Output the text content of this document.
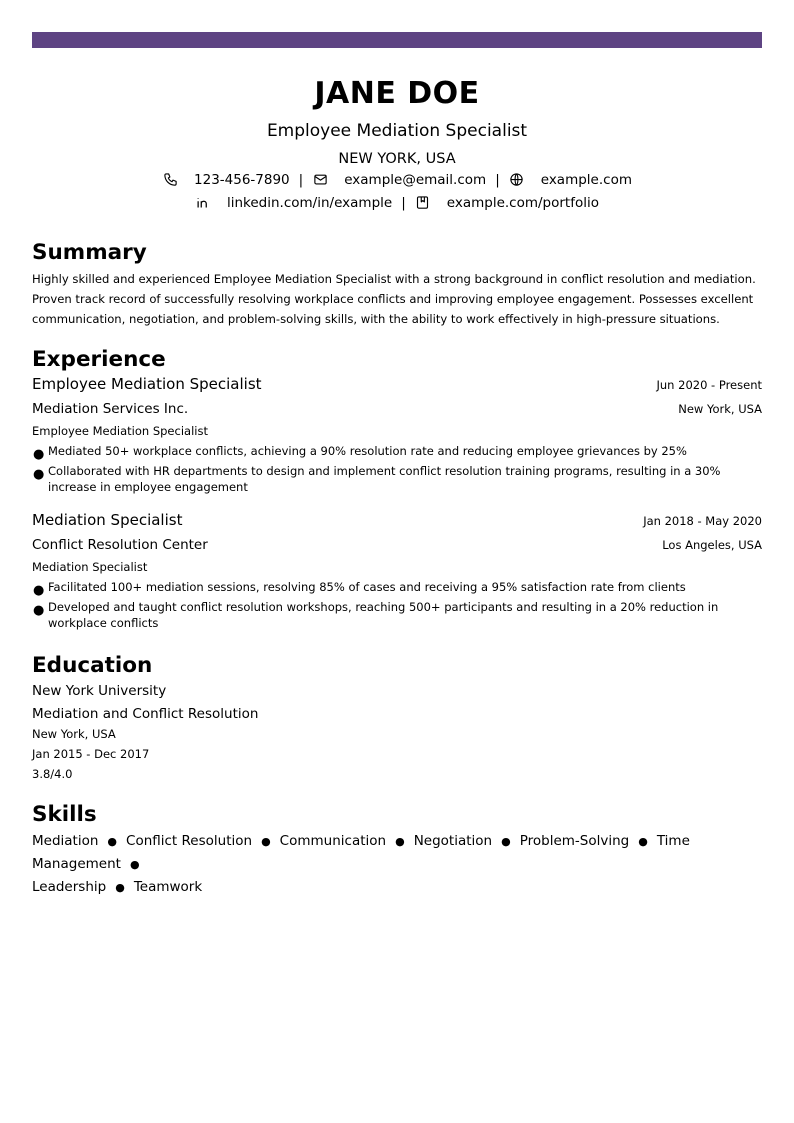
JANE DOE
Employee Mediation Specialist
NEW YORK, USA
123-456-7890 |	example@email.com |	example.com
linkedin.com/in/example |	example.com/portfolio
Summary

Highly skilled and experienced Employee Mediation Specialist with a strong background in conflict resolution and mediation. Proven track record of successfully resolving workplace conflicts and improving employee engagement. Possesses excellent communication, negotiation, and problem-solving skills, with the ability to work effectively in high-pressure situations.

Experience
Employee Mediation Specialist	Jun 2020 - Present
Mediation Services Inc.	New York, USA
Employee Mediation Specialist
● Mediated 50+ workplace conflicts, achieving a 90% resolution rate and reducing employee grievances by 25%
● Collaborated with HR departments to design and implement conflict resolution training programs, resulting in a 30% increase in employee engagement
Mediation Specialist	Jan 2018 - May 2020
Conflict Resolution Center	Los Angeles, USA
Mediation Specialist
● Facilitated 100+ mediation sessions, resolving 85% of cases and receiving a 95% satisfaction rate from clients
● Developed and taught conflict resolution workshops, reaching 500+ participants and resulting in a 20% reduction in workplace conflicts
Education
New York University
Mediation and Conflict Resolution
New York, USA
Jan 2015 - Dec 2017
3.8/4.0
Skills
Mediation ● Conflict Resolution ● Communication ● Negotiation ● Problem-Solving ● Time Management ●
Leadership ● Teamwork
